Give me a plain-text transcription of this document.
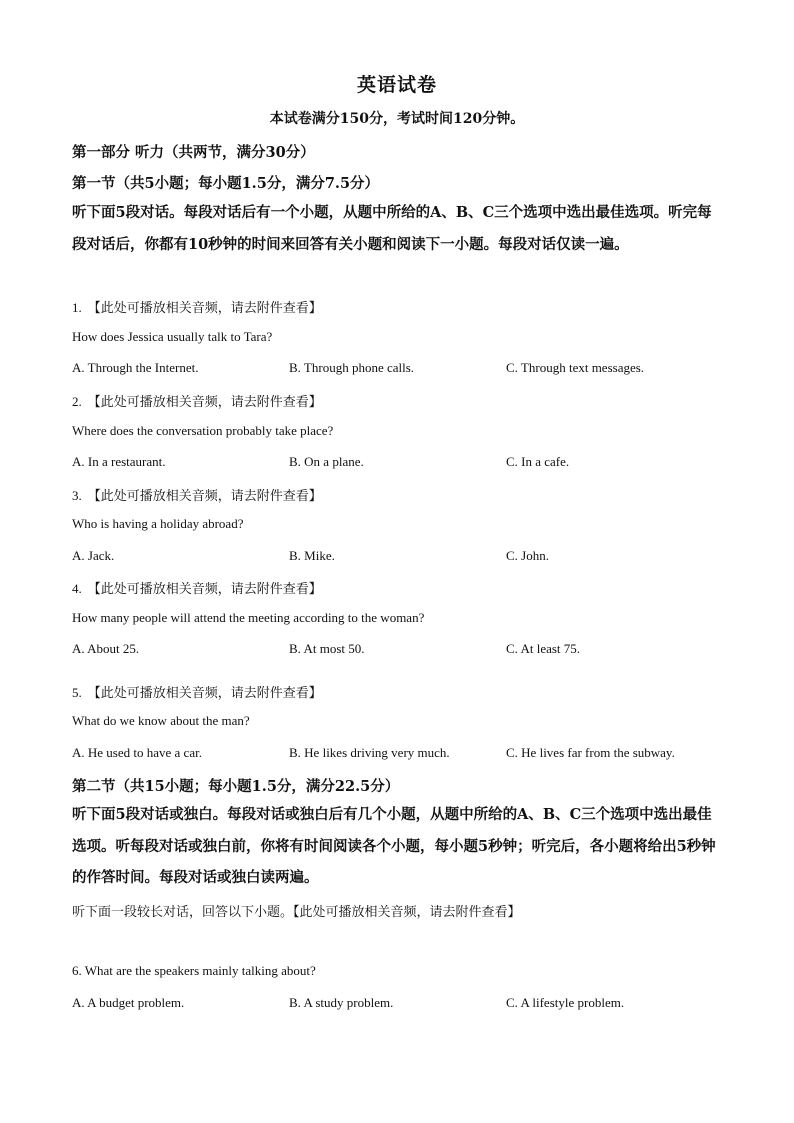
英语试卷
本试卷满分150分，考试时间120分钟。
第一部分 听力（共两节，满分30分）
第一节（共5小题；每小题1.5分，满分7.5分）
听下面5段对话。每段对话后有一个小题，从题中所给的A、B、C三个选项中选出最佳选项。听完每段对话后，你都有10秒钟的时间来回答有关小题和阅读下一小题。每段对话仅读一遍。
1. 【此处可播放相关音频，请去附件查看】
How does Jessica usually talk to Tara?
A. Through the Internet.	B. Through phone calls.	C. Through text messages.
2. 【此处可播放相关音频，请去附件查看】
Where does the conversation probably take place?
A. In a restaurant.	B. On a plane.	C. In a cafe.
3. 【此处可播放相关音频，请去附件查看】
Who is having a holiday abroad?
A. Jack.	B. Mike.	C. John.
4. 【此处可播放相关音频，请去附件查看】
How many people will attend the meeting according to the woman?
A. About 25.	B. At most 50.	C. At least 75.
5. 【此处可播放相关音频，请去附件查看】
What do we know about the man?
A. He used to have a car.	B. He likes driving very much.	C. He lives far from the subway.
第二节（共15小题；每小题1.5分，满分22.5分）
听下面5段对话或独白。每段对话或独白后有几个小题，从题中所给的A、B、C三个选项中选出最佳选项。听每段对话或独白前，你将有时间阅读各个小题，每小题5秒钟；听完后，各小题将给出5秒钟的作答时间。每段对话或独白读两遍。
听下面一段较长对话，回答以下小题。【此处可播放相关音频，请去附件查看】
6. What are the speakers mainly talking about?
A. A budget problem.	B. A study problem.	C. A lifestyle problem.
